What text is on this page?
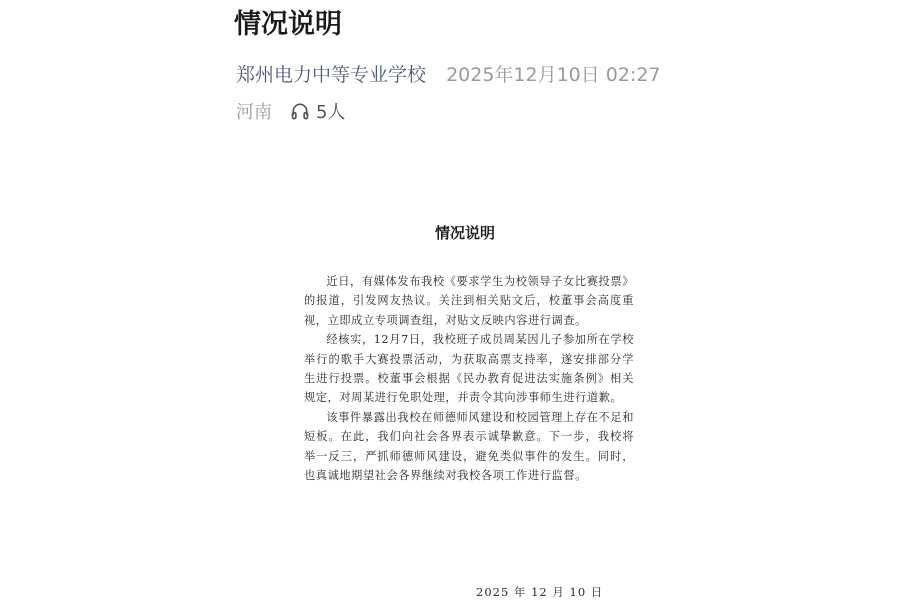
情况说明
郑州电力中等专业学校 2025年12月10日 02:27
河南 5人
情况说明

近日，有媒体发布我校《要求学生为校领导子女比赛投票》的报道，引发网友热议。关注到相关贴文后，校董事会高度重视，立即成立专项调查组，对贴文反映内容进行调查。

经核实，12月7日，我校班子成员周某因儿子参加所在学校举行的歌手大赛投票活动，为获取高票支持率，遂安排部分学生进行投票。校董事会根据《民办教育促进法实施条例》相关规定，对周某进行免职处理，并责令其向涉事师生进行道歉。

该事件暴露出我校在师德师风建设和校园管理上存在不足和短板。在此，我们向社会各界表示诚挚歉意。下一步，我校将举一反三，严抓师德师风建设，避免类似事件的发生。同时，也真诚地期望社会各界继续对我校各项工作进行监督。

2025 年 12 月 10 日
